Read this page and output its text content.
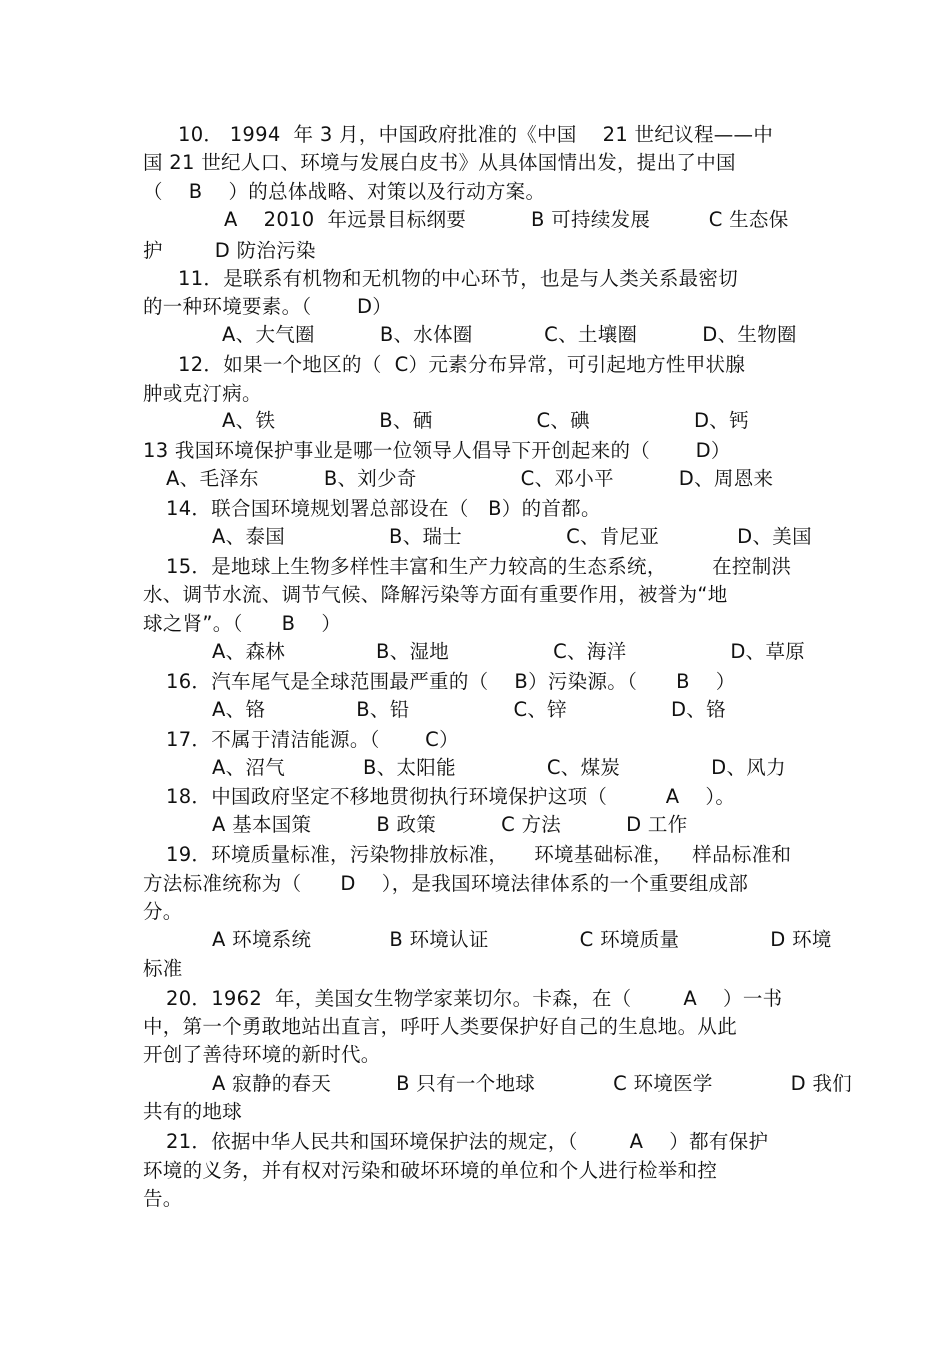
10． 1994  年 3 月，中国政府批准的《中国    21 世纪议程——中
国 21 世纪人口、环境与发展白皮书》从具体国情出发，提出了中国
（    B    ）的总体战略、对策以及行动方案。
A    2010  年远景目标纲要          B 可持续发展         C 生态保
护        D 防治污染
11．是联系有机物和无机物的中心环节，也是与人类关系最密切
的一种环境要素。（       D）
A、大气圈          B、水体圈           C、土壤圈          D、生物圈
12．如果一个地区的（  C）元素分布异常，可引起地方性甲状腺
肿或克汀病。
A、铁                B、硒                C、碘                D、钙
13 我国环境保护事业是哪一位领导人倡导下开创起来的（       D）
A、毛泽东          B、刘少奇                C、邓小平          D、周恩来
14．联合国环境规划署总部设在（   B）的首都。
A、泰国                B、瑞士                C、肯尼亚            D、美国
15．是地球上生物多样性丰富和生产力较高的生态系统，       在控制洪
水、调节水流、调节气候、降解污染等方面有重要作用，被誉为“地
球之肾”。（      B    ）
A、森林              B、湿地                C、海洋                D、草原
16．汽车尾气是全球范围最严重的（    B）污染源。（      B    ）
A、铬              B、铅                C、锌                D、铬
17．不属于清洁能源。（       C）
A、沼气            B、太阳能              C、煤炭              D、风力
18．中国政府坚定不移地贯彻执行环境保护这项（         A    ）。
A 基本国策          B 政策          C 方法          D 工作
19．环境质量标准，污染物排放标准，    环境基础标准，   样品标准和
方法标准统称为（      D    ），是我国环境法律体系的一个重要组成部
分。
A 环境系统            B 环境认证              C 环境质量              D 环境
标准
20．1962  年，美国女生物学家莱切尔。卡森，在（        A    ）一书
中，第一个勇敢地站出直言，呼吁人类要保护好自己的生息地。从此
开创了善待环境的新时代。
A 寂静的春天          B 只有一个地球            C 环境医学            D 我们
共有的地球
21．依据中华人民共和国环境保护法的规定，（        A    ）都有保护
环境的义务，并有权对污染和破坏环境的单位和个人进行检举和控
告。
